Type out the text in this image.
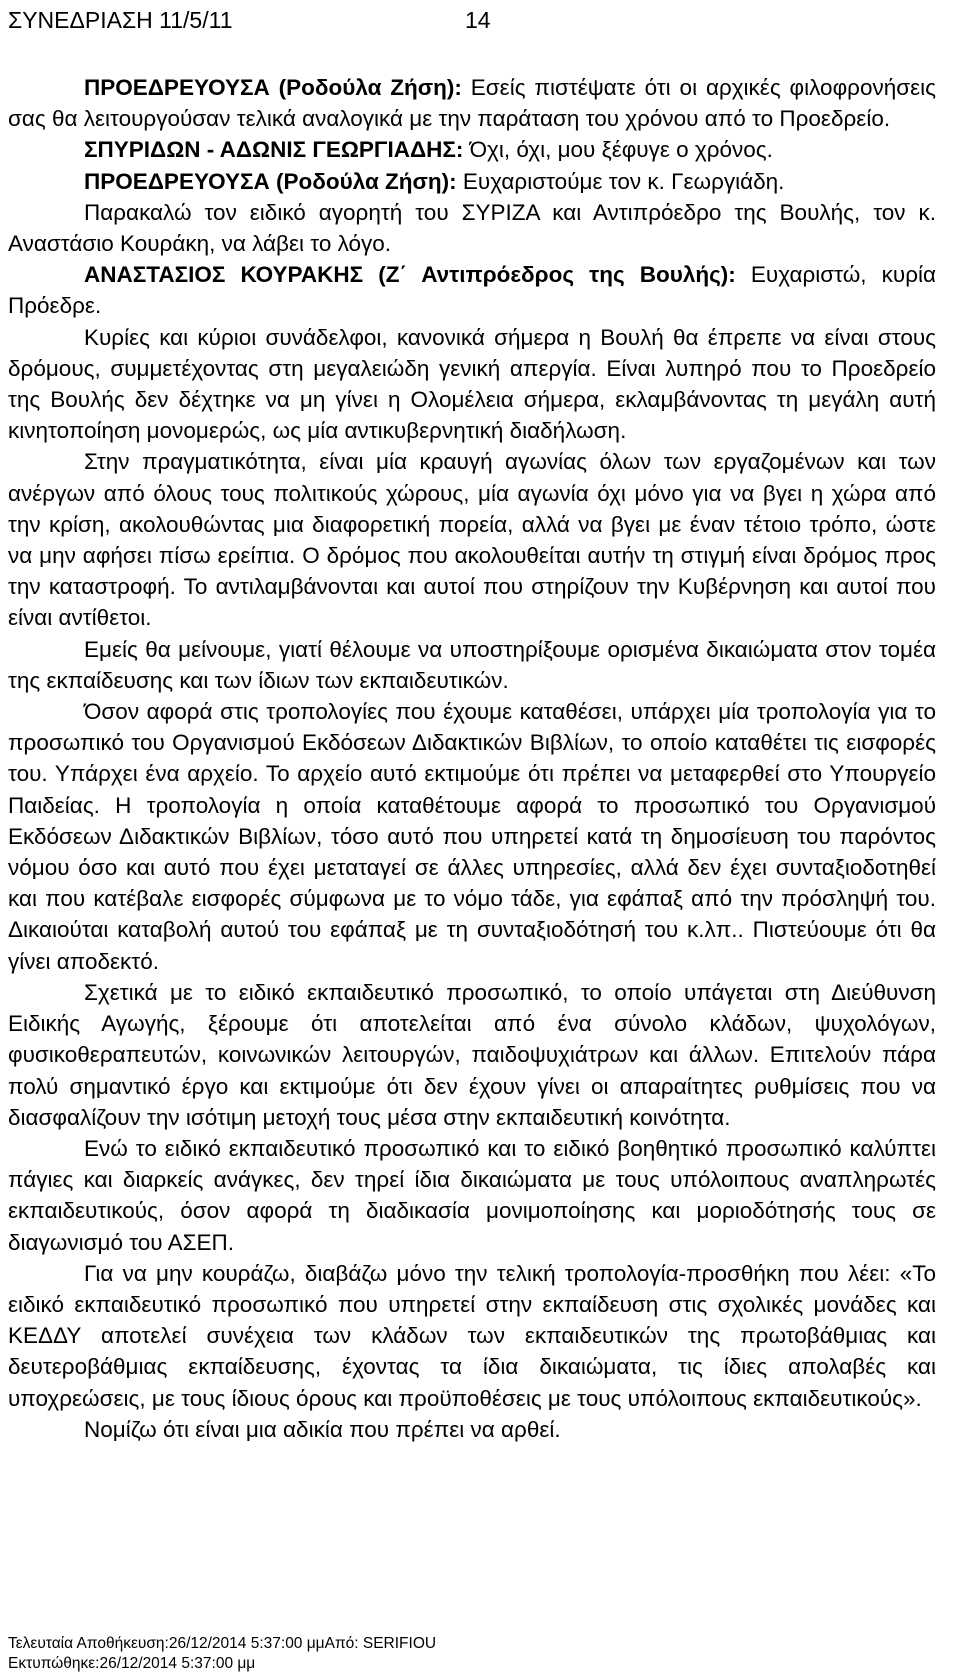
ΣΥΝΕΔΡΙΑΣΗ 11/5/11	14

ΠΡΟΕΔΡΕΥΟΥΣΑ (Ροδούλα Ζήση): Εσείς πιστέψατε ότι οι αρχικές φιλοφρονήσεις σας θα λειτουργούσαν τελικά αναλογικά με την παράταση του χρόνου από το Προεδρείο.

ΣΠΥΡΙΔΩΝ - ΑΔΩΝΙΣ ΓΕΩΡΓΙΑΔΗΣ: Όχι, όχι, μου ξέφυγε ο χρόνος.

ΠΡΟΕΔΡΕΥΟΥΣΑ (Ροδούλα Ζήση): Ευχαριστούμε τον κ. Γεωργιάδη.

Παρακαλώ τον ειδικό αγορητή του ΣΥΡΙΖΑ και Αντιπρόεδρο της Βουλής, τον κ. Αναστάσιο Κουράκη, να λάβει το λόγο.

ΑΝΑΣΤΑΣΙΟΣ ΚΟΥΡΑΚΗΣ (Ζ΄ Αντιπρόεδρος της Βουλής): Ευχαριστώ, κυρία Πρόεδρε.

Κυρίες και κύριοι συνάδελφοι, κανονικά σήμερα η Βουλή θα έπρεπε να είναι στους δρόμους, συμμετέχοντας στη μεγαλειώδη γενική απεργία. Είναι λυπηρό που το Προεδρείο της Βουλής δεν δέχτηκε να μη γίνει η Ολομέλεια σήμερα, εκλαμβάνοντας τη μεγάλη αυτή κινητοποίηση μονομερώς, ως μία αντικυβερνητική διαδήλωση.

Στην πραγματικότητα, είναι μία κραυγή αγωνίας όλων των εργαζομένων και των ανέργων από όλους τους πολιτικούς χώρους, μία αγωνία όχι μόνο για να βγει η χώρα από την κρίση, ακολουθώντας μια διαφορετική πορεία, αλλά να βγει με έναν τέτοιο τρόπο, ώστε να μην αφήσει πίσω ερείπια. Ο δρόμος που ακολουθείται αυτήν τη στιγμή είναι δρόμος προς την καταστροφή. Το αντιλαμβάνονται και αυτοί που στηρίζουν την Κυβέρνηση και αυτοί που είναι αντίθετοι.

Εμείς θα μείνουμε, γιατί θέλουμε να υποστηρίξουμε ορισμένα δικαιώματα στον τομέα της εκπαίδευσης και των ίδιων των εκπαιδευτικών.

Όσον αφορά στις τροπολογίες που έχουμε καταθέσει, υπάρχει μία τροπολογία για το προσωπικό του Οργανισμού Εκδόσεων Διδακτικών Βιβλίων, το οποίο καταθέτει τις εισφορές του. Υπάρχει ένα αρχείο. Το αρχείο αυτό εκτιμούμε ότι πρέπει να μεταφερθεί στο Υπουργείο Παιδείας. Η τροπολογία η οποία καταθέτουμε αφορά το προσωπικό του Οργανισμού Εκδόσεων Διδακτικών Βιβλίων, τόσο αυτό που υπηρετεί κατά τη δημοσίευση του παρόντος νόμου όσο και αυτό που έχει μεταταγεί σε άλλες υπηρεσίες, αλλά δεν έχει συνταξιοδοτηθεί και που κατέβαλε εισφορές σύμφωνα με το νόμο τάδε, για εφάπαξ από την πρόσληψή του. Δικαιούται καταβολή αυτού του εφάπαξ με τη συνταξιοδότησή του κ.λπ.. Πιστεύουμε ότι θα γίνει αποδεκτό.

Σχετικά με το ειδικό εκπαιδευτικό προσωπικό, το οποίο υπάγεται στη Διεύθυνση Ειδικής Αγωγής, ξέρουμε ότι αποτελείται από ένα σύνολο κλάδων, ψυχολόγων, φυσικοθεραπευτών, κοινωνικών λειτουργών, παιδοψυχιάτρων και άλλων. Επιτελούν πάρα πολύ σημαντικό έργο και εκτιμούμε ότι δεν έχουν γίνει οι απαραίτητες ρυθμίσεις που να διασφαλίζουν την ισότιμη μετοχή τους μέσα στην εκπαιδευτική κοινότητα.

Ενώ το ειδικό εκπαιδευτικό προσωπικό και το ειδικό βοηθητικό προσωπικό καλύπτει πάγιες και διαρκείς ανάγκες, δεν τηρεί ίδια δικαιώματα με τους υπόλοιπους αναπληρωτές εκπαιδευτικούς, όσον αφορά τη διαδικασία μονιμοποίησης και μοριοδότησής τους σε διαγωνισμό του ΑΣΕΠ.

Για να μην κουράζω, διαβάζω μόνο την τελική τροπολογία-προσθήκη που λέει: «Το ειδικό εκπαιδευτικό προσωπικό που υπηρετεί στην εκπαίδευση στις σχολικές μονάδες και ΚΕΔΔΥ αποτελεί συνέχεια των κλάδων των εκπαιδευτικών της πρωτοβάθμιας και δευτεροβάθμιας εκπαίδευσης, έχοντας τα ίδια δικαιώματα, τις ίδιες απολαβές και υποχρεώσεις, με τους ίδιους όρους και προϋποθέσεις με τους υπόλοιπους εκπαιδευτικούς».

Νομίζω ότι είναι μια αδικία που πρέπει να αρθεί.

Τελευταία Αποθήκευση:26/12/2014 5:37:00 μμΑπό: SERIFIOU
Εκτυπώθηκε:26/12/2014 5:37:00 μμ
